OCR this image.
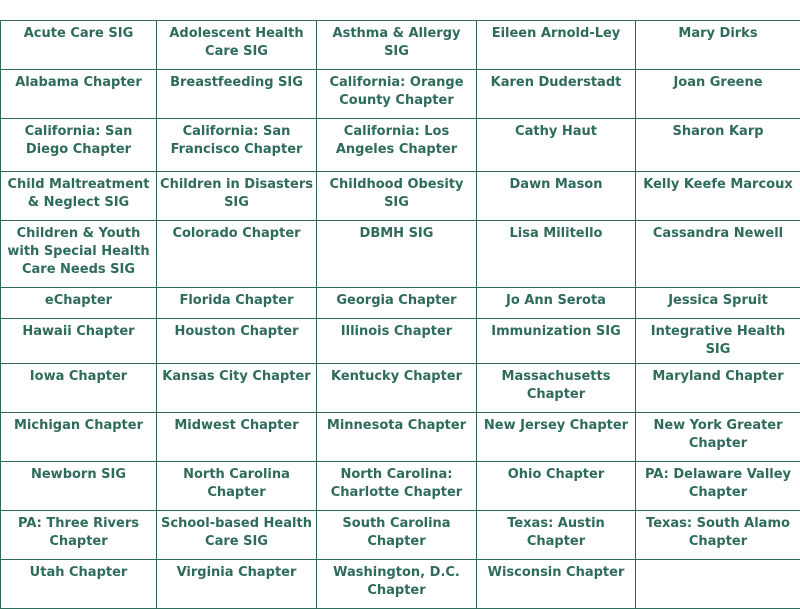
Acute Care SIG	Adolescent Health Care SIG	Asthma & Allergy SIG	Eileen Arnold-Ley	Mary Dirks
Alabama Chapter	Breastfeeding SIG	California: Orange County Chapter	Karen Duderstadt	Joan Greene
California: San Diego Chapter	California: San Francisco Chapter	California: Los Angeles Chapter	Cathy Haut	Sharon Karp
Child Maltreatment & Neglect SIG	Children in Disasters SIG	Childhood Obesity SIG	Dawn Mason	Kelly Keefe Marcoux
Children & Youth with Special Health Care Needs SIG	Colorado Chapter	DBMH SIG	Lisa Militello	Cassandra Newell
eChapter	Florida Chapter	Georgia Chapter	Jo Ann Serota	Jessica Spruit
Hawaii Chapter	Houston Chapter	Illinois Chapter	Immunization SIG	Integrative Health SIG
Iowa Chapter	Kansas City Chapter	Kentucky Chapter	Massachusetts Chapter	Maryland Chapter
Michigan Chapter	Midwest Chapter	Minnesota Chapter	New Jersey Chapter	New York Greater Chapter
Newborn SIG	North Carolina Chapter	North Carolina: Charlotte Chapter	Ohio Chapter	PA: Delaware Valley Chapter
PA: Three Rivers Chapter	School-based Health Care SIG	South Carolina Chapter	Texas: Austin Chapter	Texas: South Alamo Chapter
Utah Chapter	Virginia Chapter	Washington, D.C. Chapter	Wisconsin Chapter	
